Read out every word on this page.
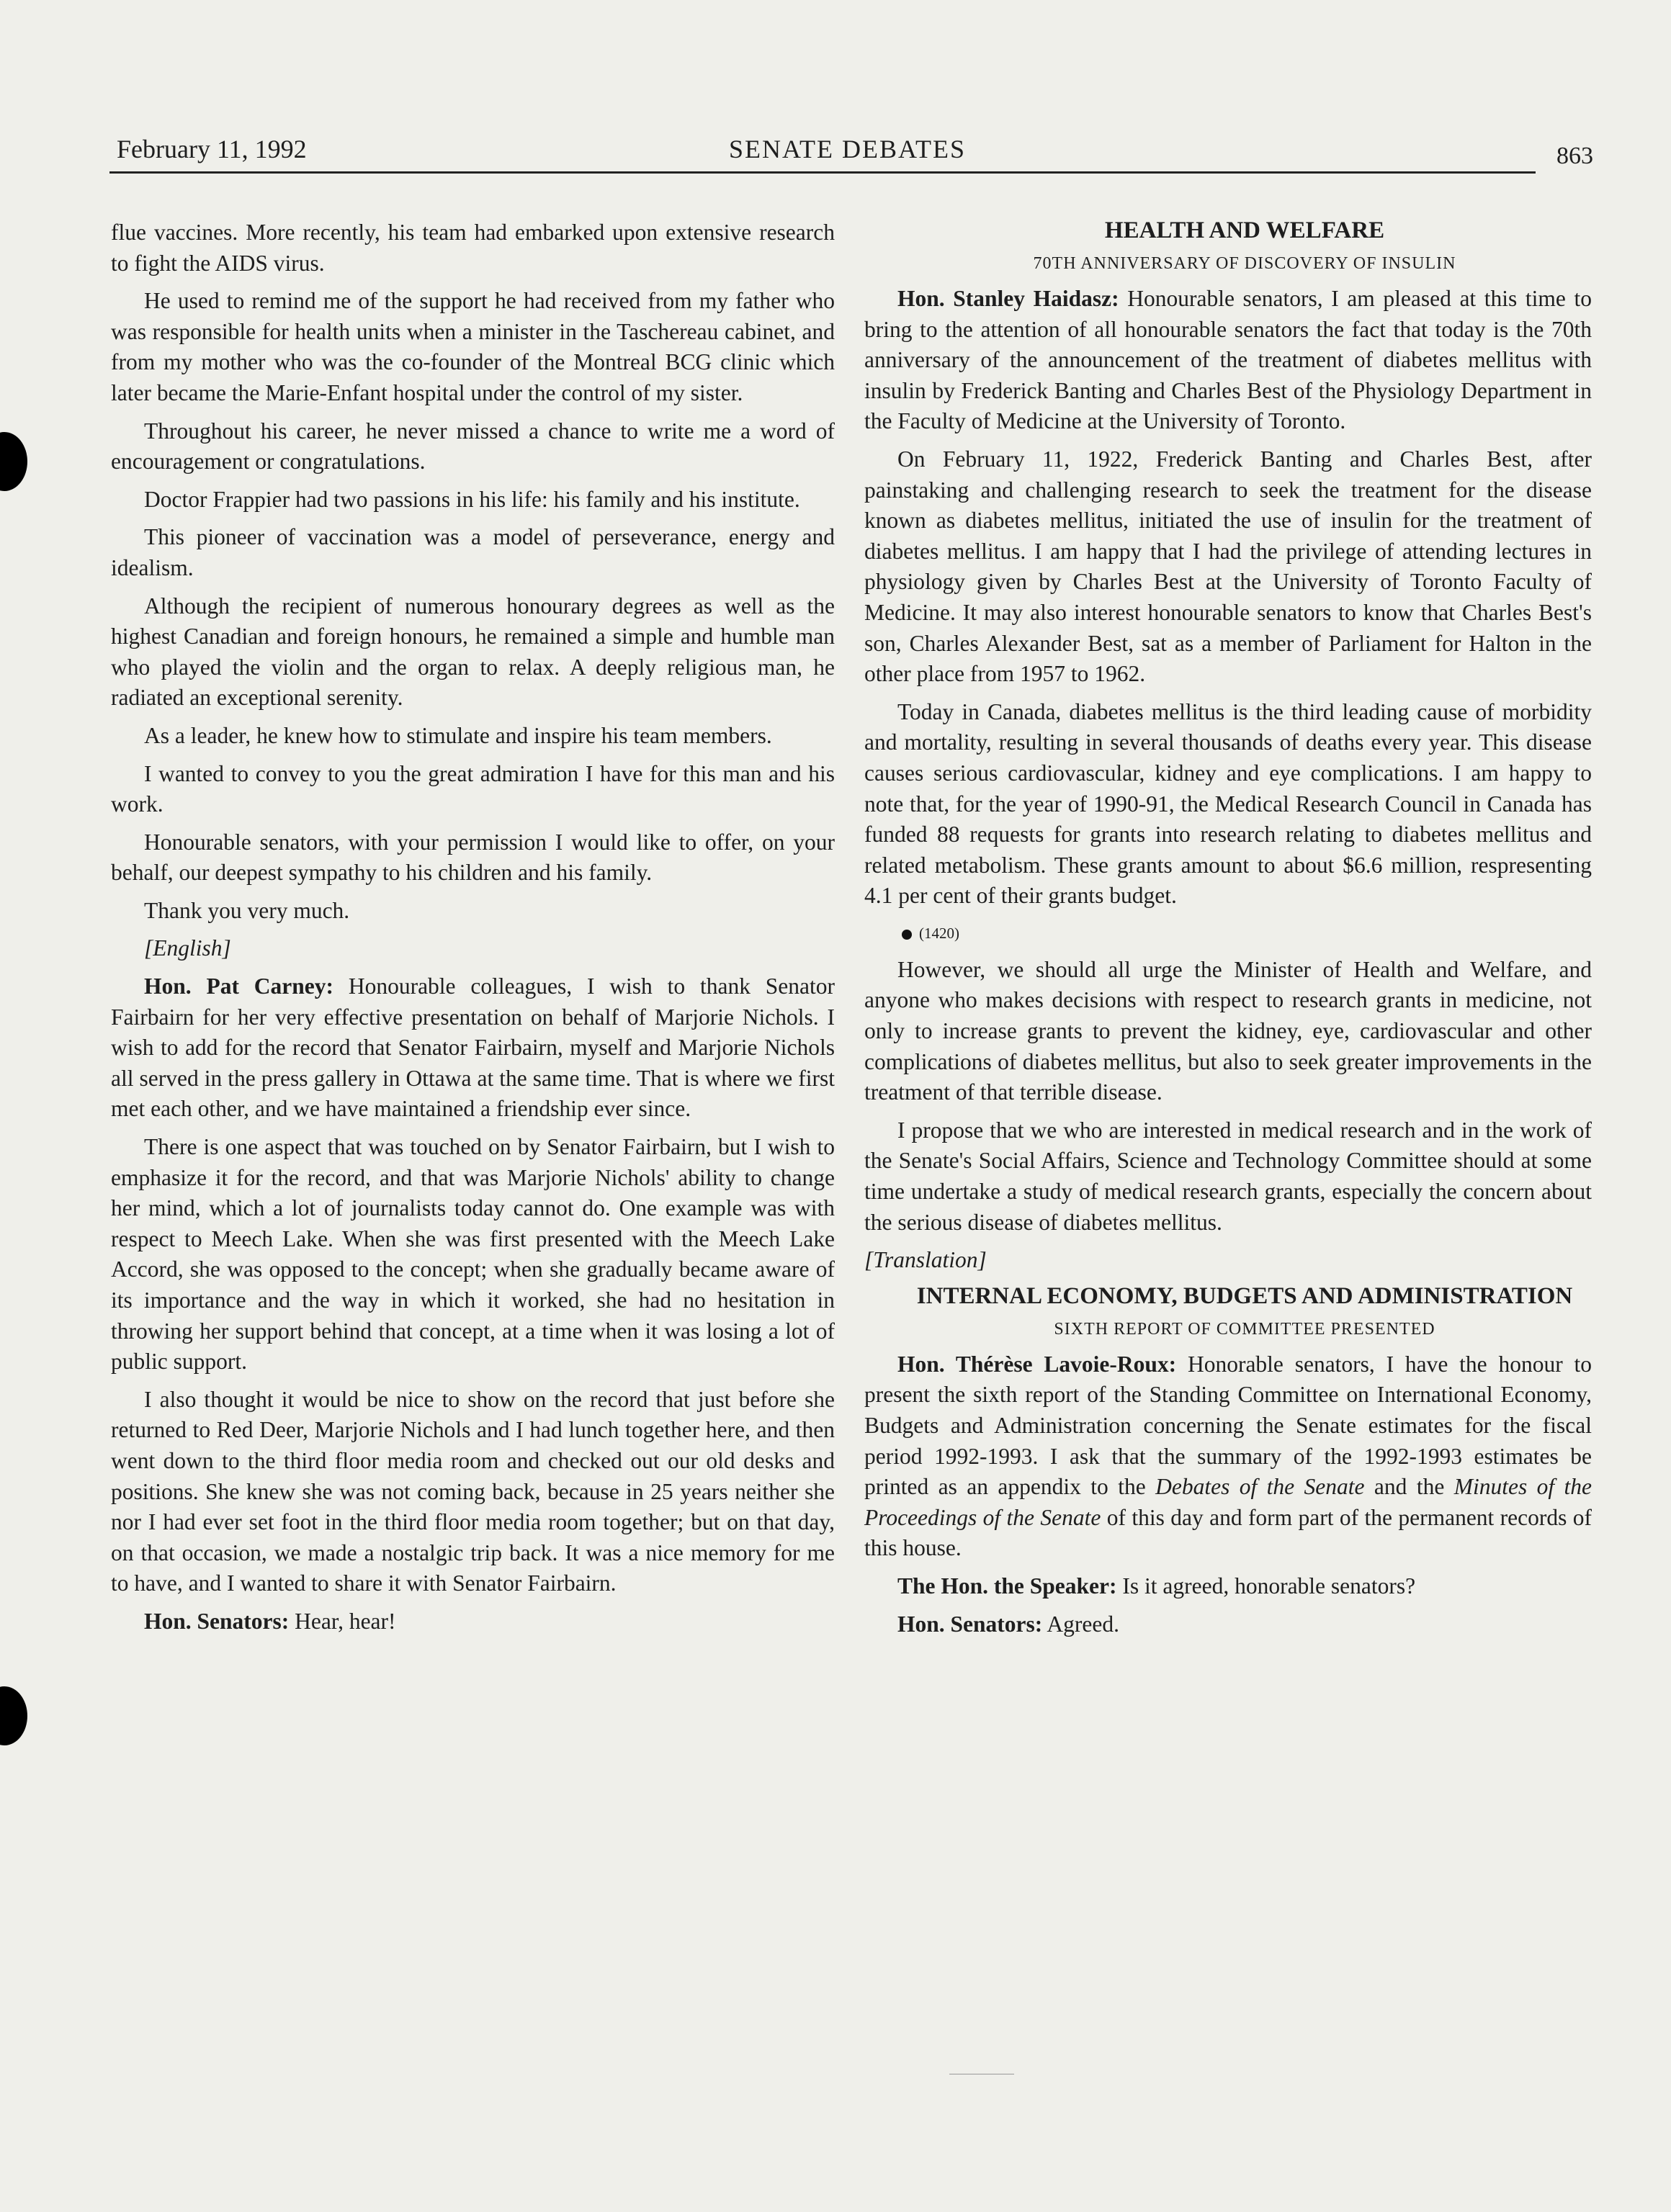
February 11, 1992	SENATE DEBATES	863

flue vaccines. More recently, his team had embarked upon extensive research to fight the AIDS virus.

He used to remind me of the support he had received from my father who was responsible for health units when a minister in the Taschereau cabinet, and from my mother who was the co-founder of the Montreal BCG clinic which later became the Marie-Enfant hospital under the control of my sister.

Throughout his career, he never missed a chance to write me a word of encouragement or congratulations.

Doctor Frappier had two passions in his life: his family and his institute.

This pioneer of vaccination was a model of perseverance, energy and idealism.

Although the recipient of numerous honourary degrees as well as the highest Canadian and foreign honours, he remained a simple and humble man who played the violin and the organ to relax. A deeply religious man, he radiated an exceptional serenity.

As a leader, he knew how to stimulate and inspire his team members.

I wanted to convey to you the great admiration I have for this man and his work.

Honourable senators, with your permission I would like to offer, on your behalf, our deepest sympathy to his children and his family.

Thank you very much.

[English]

Hon. Pat Carney: Honourable colleagues, I wish to thank Senator Fairbairn for her very effective presentation on behalf of Marjorie Nichols. I wish to add for the record that Senator Fairbairn, myself and Marjorie Nichols all served in the press gallery in Ottawa at the same time. That is where we first met each other, and we have maintained a friendship ever since.

There is one aspect that was touched on by Senator Fairbairn, but I wish to emphasize it for the record, and that was Marjorie Nichols' ability to change her mind, which a lot of journalists today cannot do. One example was with respect to Meech Lake. When she was first presented with the Meech Lake Accord, she was opposed to the concept; when she gradually became aware of its importance and the way in which it worked, she had no hesitation in throwing her support behind that concept, at a time when it was losing a lot of public support.

I also thought it would be nice to show on the record that just before she returned to Red Deer, Marjorie Nichols and I had lunch together here, and then went down to the third floor media room and checked out our old desks and positions. She knew she was not coming back, because in 25 years neither she nor I had ever set foot in the third floor media room together; but on that day, on that occasion, we made a nostalgic trip back. It was a nice memory for me to have, and I wanted to share it with Senator Fairbairn.

Hon. Senators: Hear, hear!

HEALTH AND WELFARE

70TH ANNIVERSARY OF DISCOVERY OF INSULIN

Hon. Stanley Haidasz: Honourable senators, I am pleased at this time to bring to the attention of all honourable senators the fact that today is the 70th anniversary of the announcement of the treatment of diabetes mellitus with insulin by Frederick Banting and Charles Best of the Physiology Department in the Faculty of Medicine at the University of Toronto.

On February 11, 1922, Frederick Banting and Charles Best, after painstaking and challenging research to seek the treatment for the disease known as diabetes mellitus, initiated the use of insulin for the treatment of diabetes mellitus. I am happy that I had the privilege of attending lectures in physiology given by Charles Best at the University of Toronto Faculty of Medicine. It may also interest honourable senators to know that Charles Best's son, Charles Alexander Best, sat as a member of Parliament for Halton in the other place from 1957 to 1962.

Today in Canada, diabetes mellitus is the third leading cause of morbidity and mortality, resulting in several thousands of deaths every year. This disease causes serious cardiovascular, kidney and eye complications. I am happy to note that, for the year of 1990-91, the Medical Research Council in Canada has funded 88 requests for grants into research relating to diabetes mellitus and related metabolism. These grants amount to about $6.6 million, respresenting 4.1 per cent of their grants budget.

(1420)

However, we should all urge the Minister of Health and Welfare, and anyone who makes decisions with respect to research grants in medicine, not only to increase grants to prevent the kidney, eye, cardiovascular and other complications of diabetes mellitus, but also to seek greater improvements in the treatment of that terrible disease.

I propose that we who are interested in medical research and in the work of the Senate's Social Affairs, Science and Technology Committee should at some time undertake a study of medical research grants, especially the concern about the serious disease of diabetes mellitus.

[Translation]

INTERNAL ECONOMY, BUDGETS AND ADMINISTRATION

SIXTH REPORT OF COMMITTEE PRESENTED

Hon. Thérèse Lavoie-Roux: Honorable senators, I have the honour to present the sixth report of the Standing Committee on International Economy, Budgets and Administration concerning the Senate estimates for the fiscal period 1992-1993. I ask that the summary of the 1992-1993 estimates be printed as an appendix to the Debates of the Senate and the Minutes of the Proceedings of the Senate of this day and form part of the permanent records of this house.

The Hon. the Speaker: Is it agreed, honorable senators?

Hon. Senators: Agreed.
